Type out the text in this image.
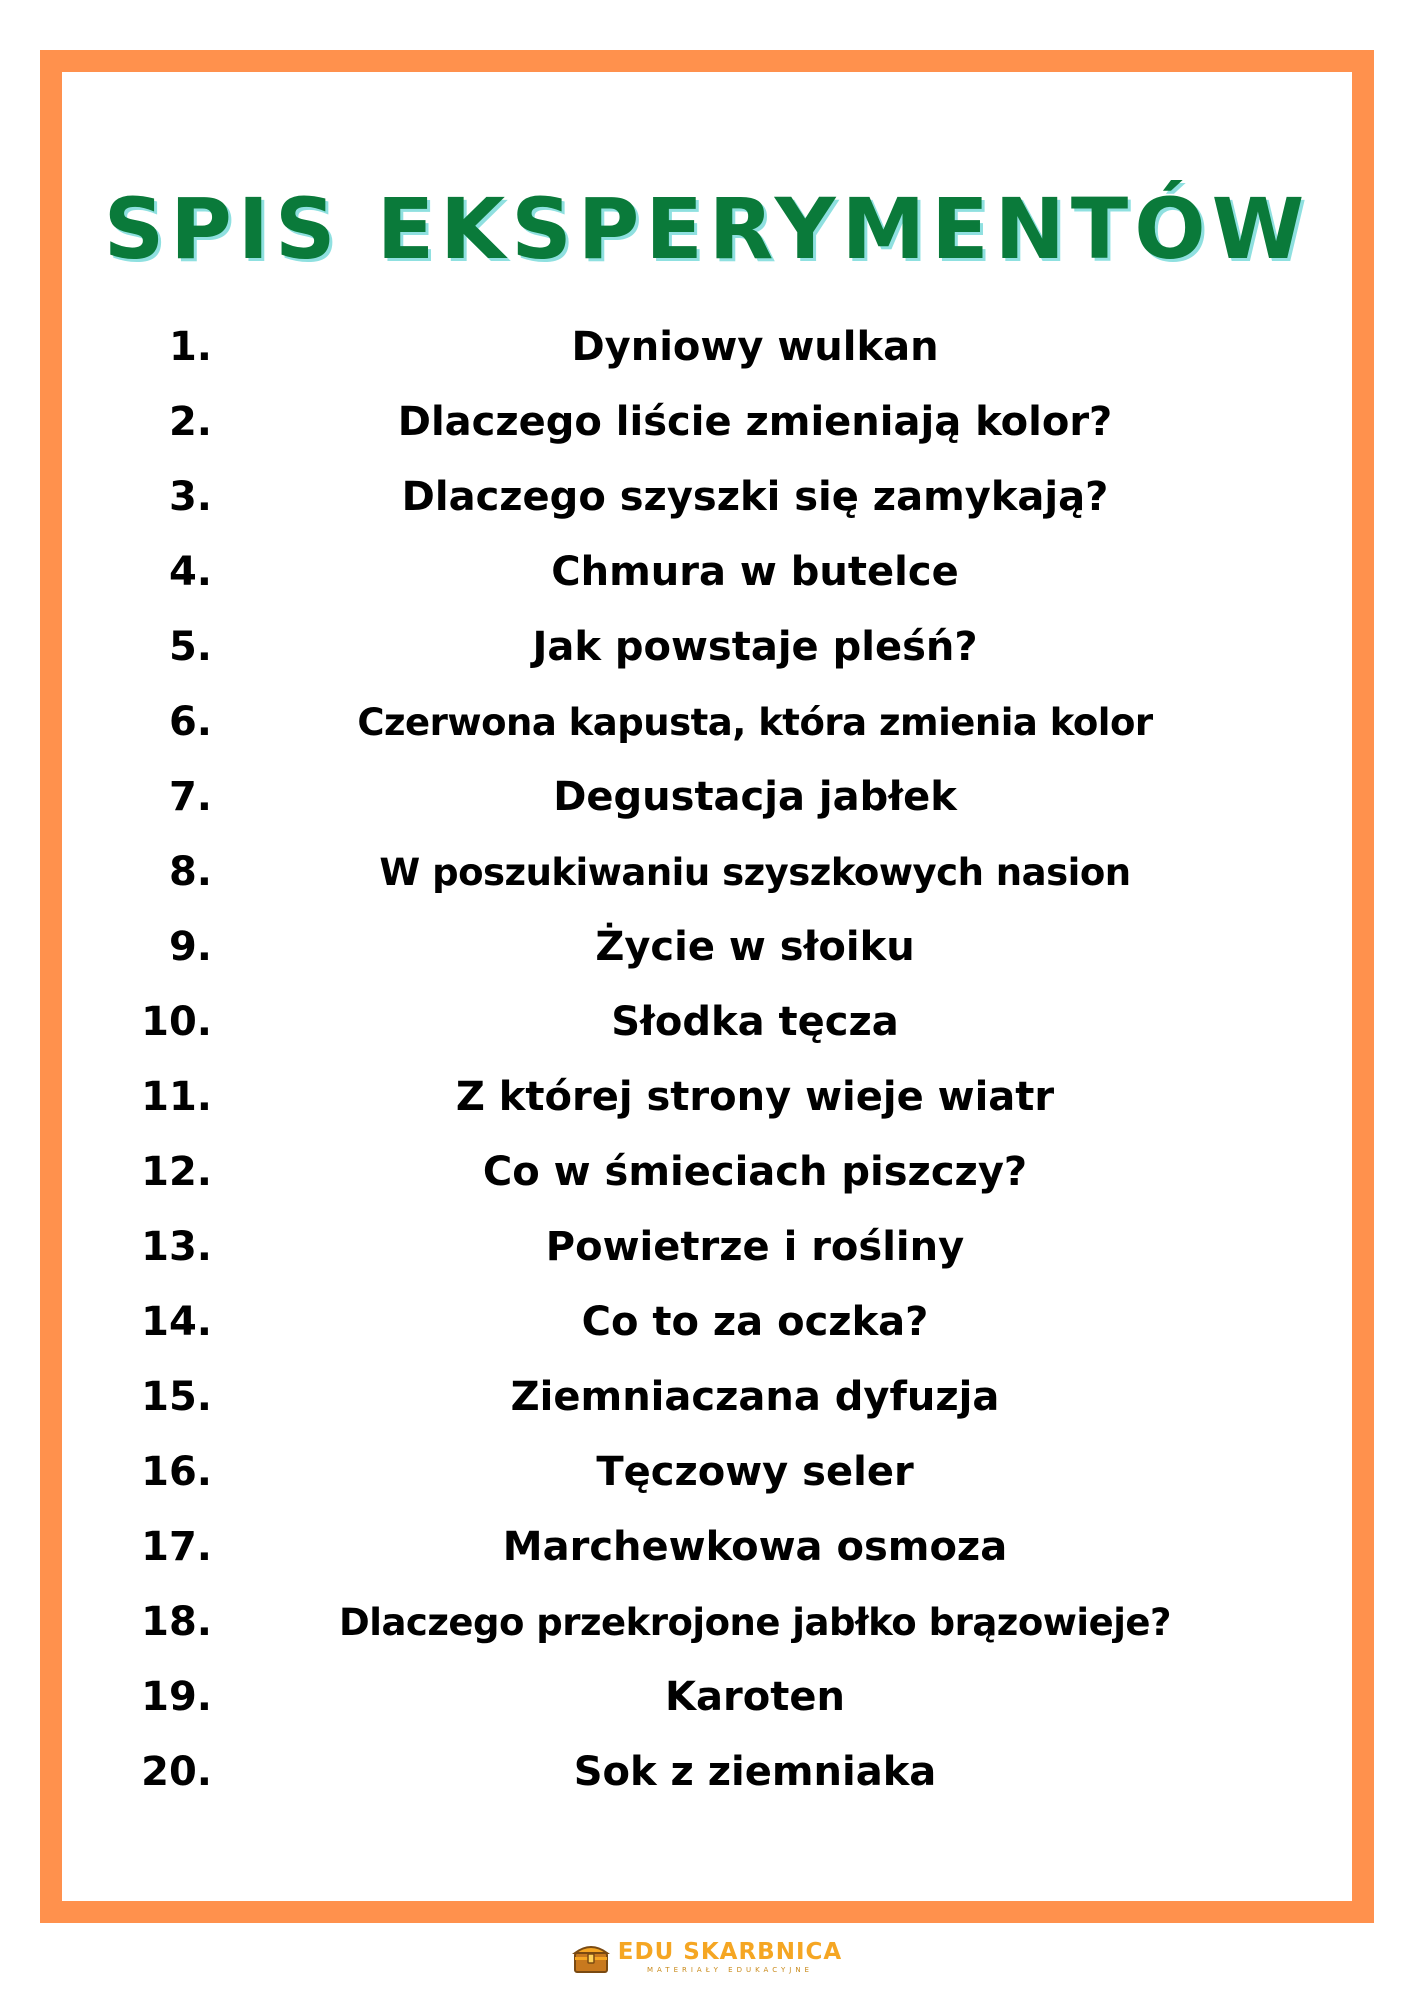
SPIS EKSPERYMENTÓW
1.	Dyniowy wulkan
2.	Dlaczego liście zmieniają kolor?
3.	Dlaczego szyszki się zamykają?
4.	Chmura w butelce
5.	Jak powstaje pleśń?
6.	Czerwona kapusta, która zmienia kolor
7.	Degustacja jabłek
8.	W poszukiwaniu szyszkowych nasion
9.	Życie w słoiku
10.	Słodka tęcza
11.	Z której strony wieje wiatr
12.	Co w śmieciach piszczy?
13.	Powietrze i rośliny
14.	Co to za oczka?
15.	Ziemniaczana dyfuzja
16.	Tęczowy seler
17.	Marchewkowa osmoza
18.	Dlaczego przekrojone jabłko brązowieje?
19.	Karoten
20.	Sok z ziemniaka
EDU SKARBNICA
MATERIAŁY EDUKACYJNE
